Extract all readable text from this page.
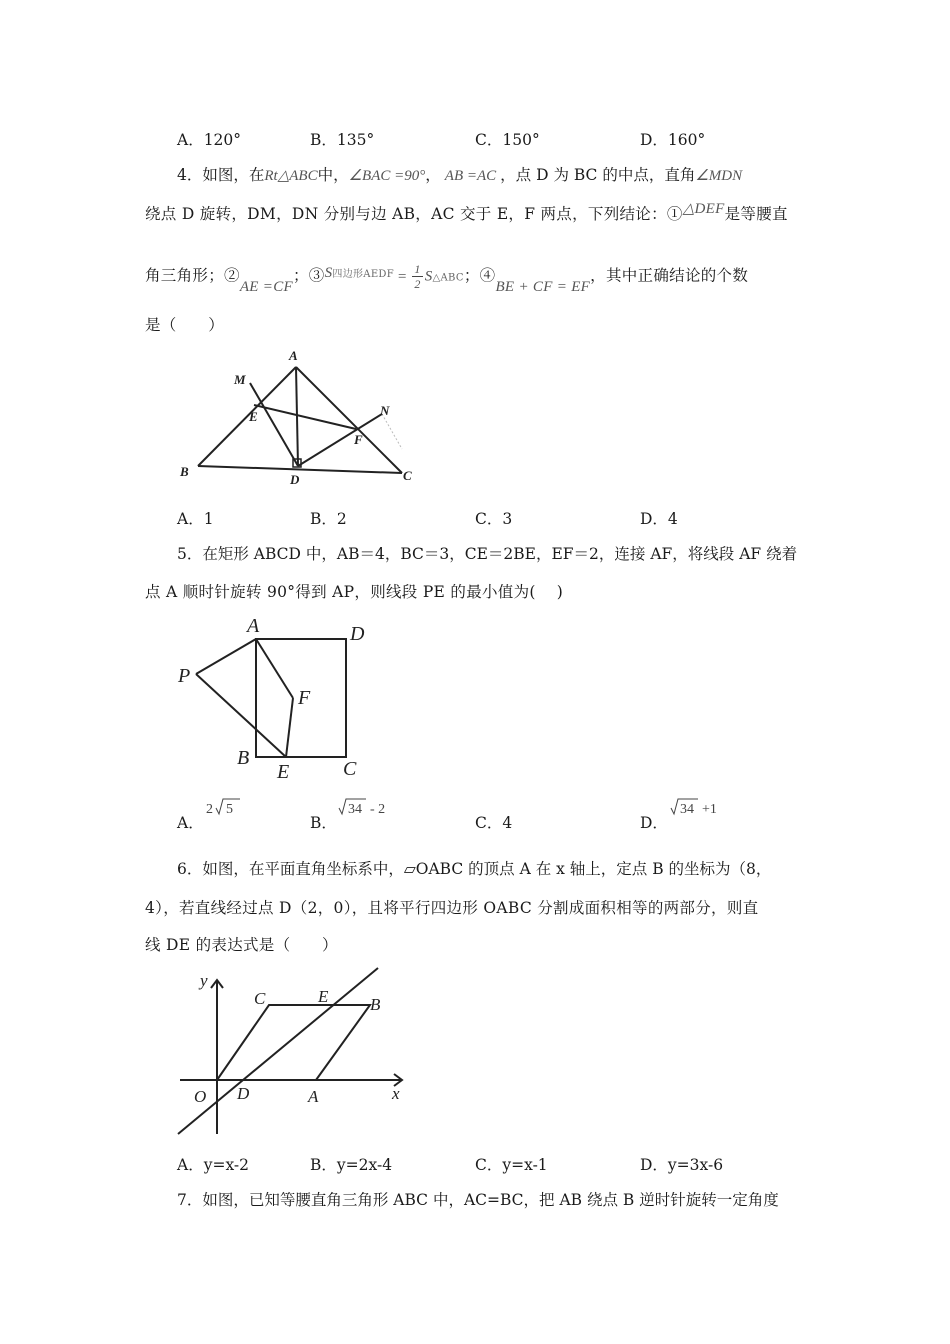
A．120°	B．135°	C．150°	D．160°
4．如图，在Rt△ABC中，∠BAC =90°， AB =AC ，点 D 为 BC 的中点，直角∠MDN
绕点 D 旋转，DM，DN 分别与边 AB，AC 交于 E，F 两点，下列结论：①△DEF是等腰直
角三角形；②AE =CF；$③S^{四边形AEDF} = \frac{1}{2}$ S△ABC；④BE + CF = EF，其中正确结论的个数
是（　　）
A
B	C
D
E
F
M
N
A．1	B．2	C．3	D．4
5．在矩形 ABCD 中，AB＝4，BC＝3，CE＝2BE，EF＝2，连接 AF，将线段 AF 绕着
点 A 顺时针旋转 90°得到 AP，则线段 PE 的最小值为(　 )
A	D
P
F
B
E	C
A．
2 5
B．
34 - 2
C．4	D．
34 +1
6．如图，在平面直角坐标系中，▱OABC 的顶点 A 在 x 轴上，定点 B 的坐标为（8，
4），若直线经过点 D（2，0），且将平行四边形 OABC 分割成面积相等的两部分，则直
线 DE 的表达式是（　　）
y
x
O D	A
C	E B
A．y=x-2	B．y=2x-4	C．y=x-1	D．y=3x-6
7．如图，已知等腰直角三角形 ABC 中，AC=BC，把 AB 绕点 B 逆时针旋转一定角度
